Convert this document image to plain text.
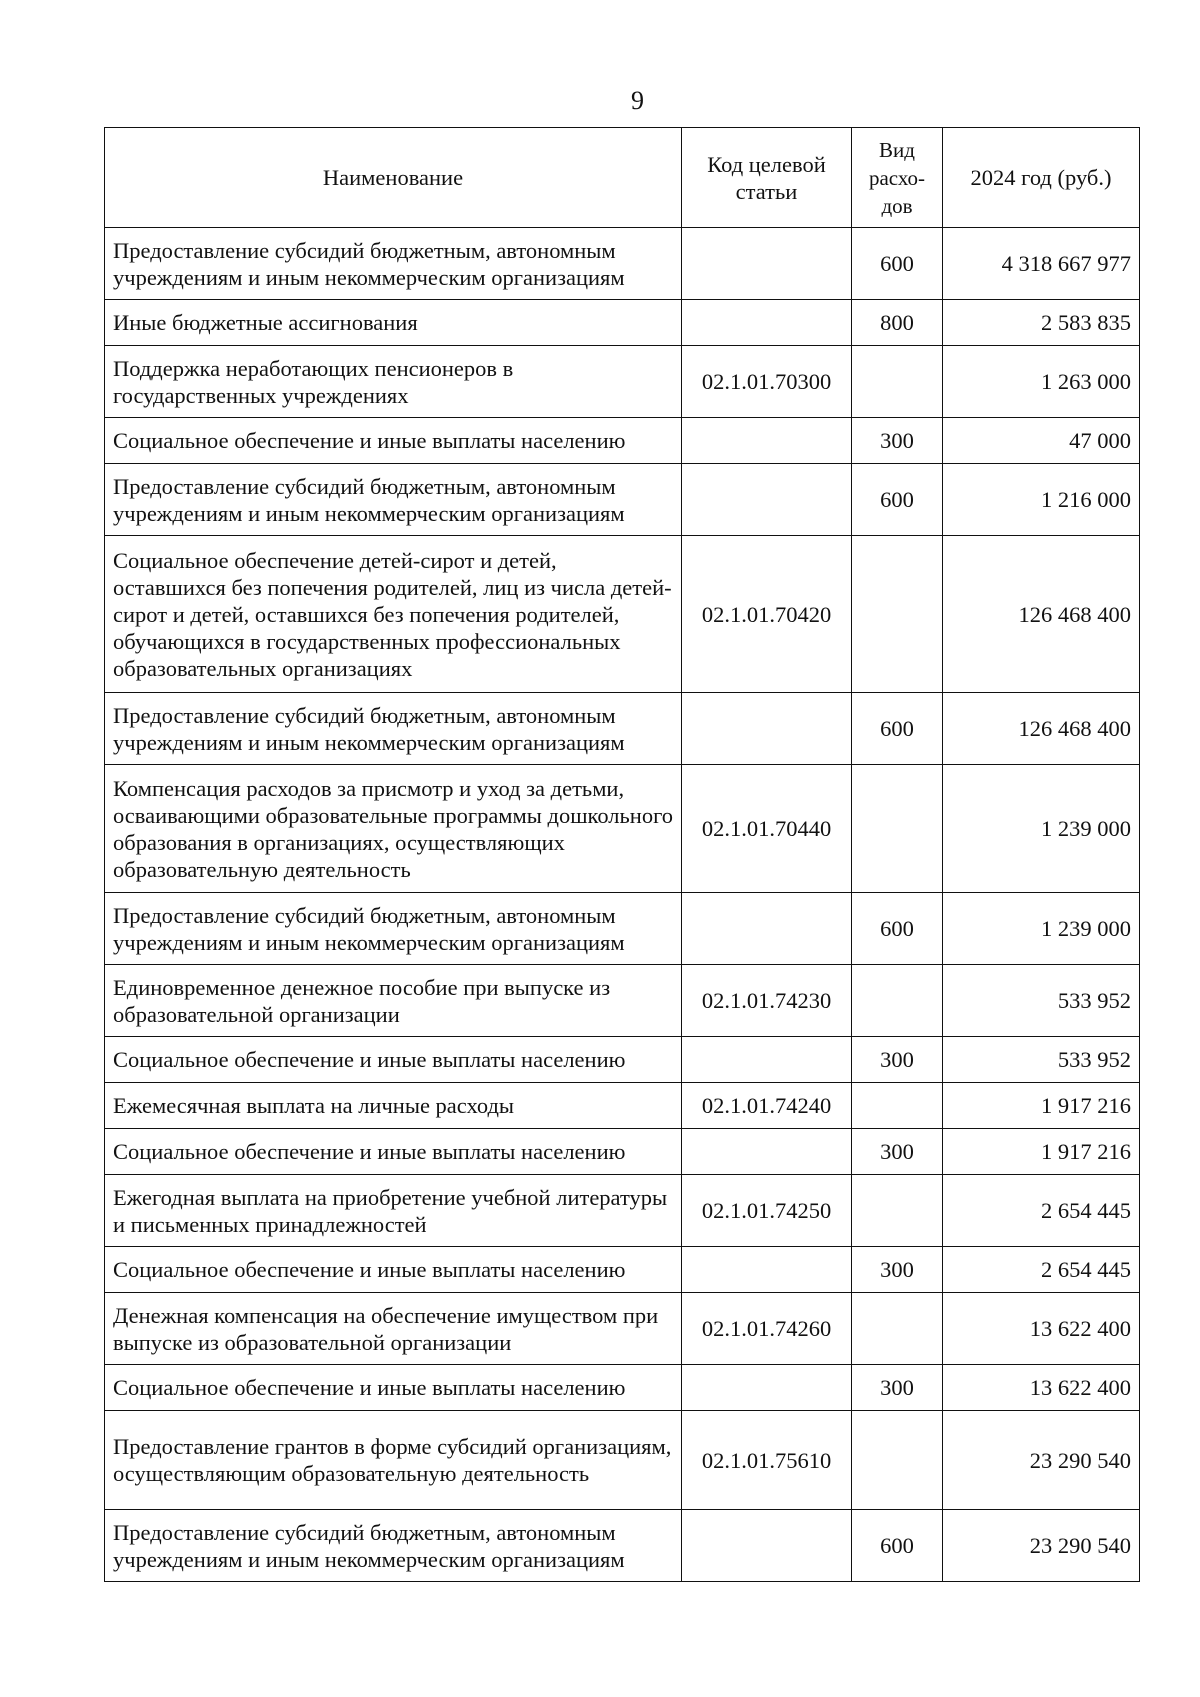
9
Наименование	Код целевой статьи	Вид расхо-дов	2024 год (руб.)
Предоставление субсидий бюджетным, автономным учреждениям и иным некоммерческим организациям		600	4 318 667 977
Иные бюджетные ассигнования		800	2 583 835
Поддержка неработающих пенсионеров в государственных учреждениях	02.1.01.70300		1 263 000
Социальное обеспечение и иные выплаты населению		300	47 000
Предоставление субсидий бюджетным, автономным учреждениям и иным некоммерческим организациям		600	1 216 000
Социальное обеспечение детей-сирот и детей, оставшихся без попечения родителей, лиц из числа детей-сирот и детей, оставшихся без попечения родителей, обучающихся в государственных профессиональных образовательных организациях	02.1.01.70420		126 468 400
Предоставление субсидий бюджетным, автономным учреждениям и иным некоммерческим организациям		600	126 468 400
Компенсация расходов за присмотр и уход за детьми, осваивающими образовательные программы дошкольного образования в организациях, осуществляющих образовательную деятельность	02.1.01.70440		1 239 000
Предоставление субсидий бюджетным, автономным учреждениям и иным некоммерческим организациям		600	1 239 000
Единовременное денежное пособие при выпуске из образовательной организации	02.1.01.74230		533 952
Социальное обеспечение и иные выплаты населению		300	533 952
Ежемесячная выплата на личные расходы	02.1.01.74240		1 917 216
Социальное обеспечение и иные выплаты населению		300	1 917 216
Ежегодная выплата на приобретение учебной литературы и письменных принадлежностей	02.1.01.74250		2 654 445
Социальное обеспечение и иные выплаты населению		300	2 654 445
Денежная компенсация на обеспечение имуществом при выпуске из образовательной организации	02.1.01.74260		13 622 400
Социальное обеспечение и иные выплаты населению		300	13 622 400
Предоставление грантов в форме субсидий организациям, осуществляющим образовательную деятельность	02.1.01.75610		23 290 540
Предоставление субсидий бюджетным, автономным учреждениям и иным некоммерческим организациям		600	23 290 540
